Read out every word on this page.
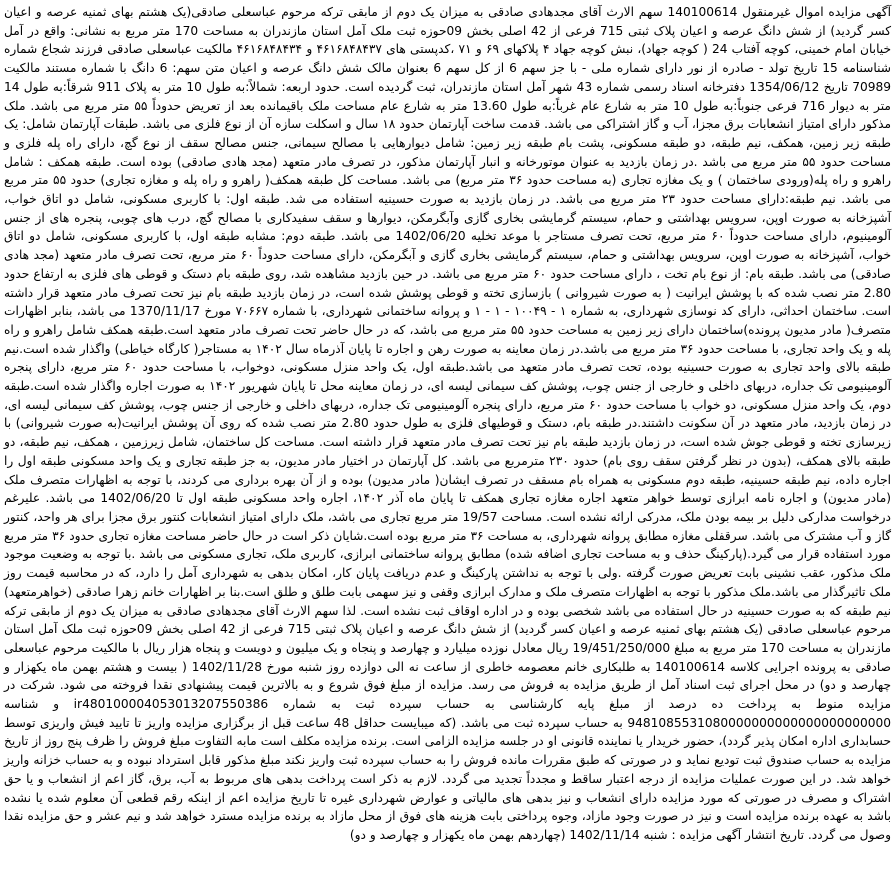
آگهی مزایده اموال غیرمنقول 140100614 سهم الارث آقای مجدهادی صادقی به میزان یک دوم از مابقی ترکه مرحوم عباسعلی صادقی(یک هشتم بهای ثمنیه عرصه و اعیان کسر گردید) از شش دانگ عرصه و اعیان پلاک ثبتی 715 فرعی از 42 اصلی بخش 09حوزه ثبت ملک آمل استان مازندران به مساحت 170 متر مربع به نشانی: واقع در آمل خیابان امام خمینی، کوچه آفتاب 24 ( کوچه جهاد)، نبش کوچه جهاد ۴ پلاکهای ۶۹ و ۷۱ ،کدپستی های ۴۶۱۶۸۴۸۴۳۷ و ۴۶۱۶۸۴۸۴۳۴ مالکیت عباسعلی صادقی فرزند شجاع شماره شناسنامه 15 تاریخ تولد - صادره از نور دارای شماره ملی - با جز سهم 6 از کل سهم 6 بعنوان مالک شش دانگ عرصه و اعیان متن سهم: 6 دانگ با شماره مستند مالکیت 70989 تاریخ 1354/06/12 دفترخانه اسناد رسمی شماره 43 شهر آمل استان مازندران، ثبت گردیده است. حدود اربعه: شمالاً:به طول 10 متر به پلاک 911 شرقاً:به طول 14 متر به دیوار 716 فرعی جنوباً:به طول 10 متر به شارع عام غرباً:به طول 13.60 متر به شارع عام مساحت ملک باقیمانده بعد از تعریض حدوداً ۵۵ متر مربع می باشد. ملک مذکور دارای امتیاز انشعابات برق مجزا، آب و گاز اشتراکی می باشد. قدمت ساخت آپارتمان حدود ۱۸ سال و اسکلت سازه آن از نوع فلزی می باشد. طبقات آپارتمان شامل: یک طبقه زیر زمین، همکف، نیم طبقه، دو طبقه مسکونی، پشت بام طبقه زیر زمین: شامل دیوارهایی با مصالح سیمانی، جنس مصالح سقف از نوع گچ، دارای راه پله فلزی و مساحت حدود ۵۵ متر مربع می باشد .در زمان بازدید به عنوان موتورخانه و انبار آپارتمان مذکور، در تصرف مادر متعهد (مجد هادی صادقی) بوده است. طبقه همکف : شامل راهرو و راه پله(ورودی ساختمان ) و یک مغازه تجاری (به مساحت حدود ۳۶ متر مربع) می باشد. مساحت کل طبقه همکف( راهرو و راه پله و مغازه تجاری) حدود ۵۵ متر مربع می باشد. نیم طبقه:دارای مساحت حدود ۲۳ متر مربع می باشد. در زمان بازدید به صورت حسینیه استفاده می شد. طبقه اول: با کاربری مسکونی، شامل دو اتاق خواب، آشپزخانه به صورت اوپن، سرویس بهداشتی و حمام، سیستم گرمایشی بخاری گازی وآبگرمکن، دیوارها و سقف سفیدکاری با مصالح گچ، درب های چوبی، پنجره های از جنس آلومینیوم، دارای مساحت حدوداً ۶۰ متر مربع، تحت تصرف مستاجر با موعد تخلیه 1402/06/20 می باشد. طبقه دوم: مشابه طبقه اول، با کاربری مسکونی، شامل دو اتاق خواب، آشپزخانه به صورت اوپن، سرویس بهداشتی و حمام، سیستم گرمایشی بخاری گازی و آبگرمکن، دارای مساحت حدوداً ۶۰ متر مربع، تحت تصرف مادر متعهد (مجد هادی صادقی) می باشد. طبقه بام: از نوع بام تخت ، دارای مساحت حدود ۶۰ متر مربع می باشد. در حین بازدید مشاهده شد، روی طبقه بام دستک و قوطی های فلزی به ارتفاع حدود 2.80 متر نصب شده که با پوشش ایرانیت ( به صورت شیروانی ) بازسازی تخته و قوطی پوشش شده است، در زمان بازدید طبقه بام نیز تحت تصرف مادر متعهد قرار داشته است. ساختمان احداثی، دارای کد نوسازی شهرداری، به شماره ۱ - ۱۰۰۴۹ - ۱ - ۱ و پروانه ساختمانی شهرداری، با شماره ۷۰۶۶۷ مورخ 1370/11/17 می باشد، بنابر اظهارات متصرف( مادر مدیون پرونده)ساختمان دارای زیر زمین به مساحت حدود ۵۵ متر مربع می باشد، که در حال حاضر تحت تصرف مادر متعهد است.طبقه همکف شامل راهرو و راه پله و یک واحد تجاری، با مساحت حدود ۳۶ متر مربع می باشد.در زمان معاینه به صورت رهن و اجاره تا پایان آذرماه سال ۱۴۰۲ به مستاجر( کارگاه خیاطی) واگذار شده است.نیم طبقه بالای واحد تجاری به صورت حسینیه بوده، تحت تصرف مادر متعهد می باشد.طبقه اول، یک واحد منزل مسکونی، دوخواب، با مساحت حدود ۶۰ متر مربع، دارای پنجره آلومینیومی تک جداره، دربهای داخلی و خارجی از جنس چوب، پوشش کف سیمانی لیسه ای، در زمان معاینه محل تا پایان شهریور ۱۴۰۲ به صورت اجاره واگذار شده است.طبقه دوم، یک واحد منزل مسکونی، دو خواب با مساحت حدود ۶۰ متر مربع، دارای پنجره آلومینیومی تک جداره، دربهای داخلی و خارجی از جنس چوب، پوشش کف سیمانی لیسه ای، در زمان بازدید، مادر متعهد در آن سکونت داشتند.در طبقه بام، دستک و قوطیهای فلزی به طول حدود 2.80 متر نصب شده که روی آن پوشش ایرانیت(به صورت شیروانی) با زیرسازی تخته و قوطی جوش شده است، در زمان بازدید طبقه بام نیز تحت تصرف مادر متعهد قرار داشته است. مساحت کل ساختمان، شامل زیرزمین ، همکف، نیم طبقه، دو طبقه بالای همکف، (بدون در نظر گرفتن سقف روی بام) حدود ۲۳۰ مترمربع می باشد. کل آپارتمان در اختیار مادر مدیون، به جز طبقه تجاری و یک واحد مسکونی طبقه اول را اجاره داده، نیم طبقه حسینیه، طبقه دوم مسکونی به همراه بام مسقف در تصرف ایشان( مادر مدیون) بوده و از آن بهره برداری می کردند، با توجه به اظهارات متصرف ملک (مادر مدیون) و اجاره نامه ابرازی توسط خواهر متعهد اجاره مغازه تجاری همکف تا پایان ماه آذر ۱۴۰۲، اجاره واحد مسکونی طبقه اول تا 1402/06/20 می باشد. علیرغم درخواست مدارکی دلیل بر بیمه بودن ملک، مدرکی ارائه نشده است. مساحت 19/57 متر مربع تجاری می باشد، ملک دارای امتیاز انشعابات کنتور برق مجزا برای هر واحد، کنتور گاز و آب مشترک می باشد. سرقفلی مغازه مطابق پروانه شهرداری، به مساحت ۳۶ متر مربع بوده است.شایان ذکر است در حال حاضر مساحت مغازه تجاری حدود ۳۶ متر مربع مورد استفاده قرار می گیرد.(پارکینگ حذف و به مساحت تجاری اضافه شده) مطابق پروانه ساختمانی ابرازی، کاربری ملک، تجاری مسکونی می باشد .با توجه به وضعیت موجود ملک مذکور، عقب نشینی بابت تعریض صورت گرفته .ولی با توجه به نداشتن پارکینگ و عدم دریافت پایان کار، امکان بدهی به شهرداری آمل را دارد، که در محاسبه قیمت روز ملک تاثیرگذار می باشد.ملک مذکور با توجه به اظهارات متصرف ملک و مدارک ابرازی وقفی و نیز سهمی بابت طلق و طلق است.بنا بر اظهارات خانم زهرا صادقی (خواهرمتعهد) نیم طبقه که به صورت حسینیه در حال استفاده می باشد شخصی بوده و در اداره اوقاف ثبت نشده است. لذا سهم الارث آقای مجدهادی صادقی به میزان یک دوم از مابقی ترکه مرحوم عباسعلی صادقی (یک هشتم بهای ثمنیه عرصه و اعیان کسر گردید) از شش دانگ عرصه و اعیان پلاک ثبتی 715 فرعی از 42 اصلی بخش 09حوزه ثبت ملک آمل استان مازندران به مساحت 170 متر مربع به مبلغ 19/451/250/000 ریال معادل نوزده میلیارد و چهارصد و پنجاه و یک میلیون و دویست و پنجاه هزار ریال با مالکیت مرحوم عباسعلی صادقی به پرونده اجرایی کلاسه 140100614 به طلبکاری خانم معصومه خاطری از ساعت نه الی دوازده روز شنبه مورخ 1402/11/28 ( بیست و هشتم بهمن ماه یکهزار و چهارصد و دو) در محل اجرای ثبت اسناد آمل از طریق مزایده به فروش می رسد. مزایده از مبلغ فوق شروع و به بالاترین قیمت پیشنهادی نقدا فروخته می شود. شرکت در مزایده منوط به پرداخت ده درصد از مبلغ پایه کارشناسی به حساب سپرده ثبت به شماره ir480100004053013207550386 و شناسه 9481085531080000000000000000000000 به حساب سپرده ثبت می باشد. (که میبایست حداقل 48 ساعت قبل از برگزاری مزایده واریز تا تایید فیش واریزی توسط حسابداری اداره امکان پذیر گردد)، حضور خریدار یا نماینده قانونی او در جلسه مزایده الزامی است. برنده مزایده مکلف است مابه التفاوت مبلغ فروش را ظرف پنج روز از تاریخ مزایده به حساب صندوق ثبت تودیع نماید و در صورتی که طبق مقررات مانده فروش را به حساب سپرده ثبت واریز نکند مبلغ مذکور قابل استرداد نبوده و به حساب خزانه واریز خواهد شد. در این صورت عملیات مزایده از درجه اعتبار ساقط و مجدداً تجدید می گردد. لازم به ذکر است پرداخت بدهی های مربوط به آب، برق، گاز اعم از انشعاب و یا حق اشتراک و مصرف در صورتی که مورد مزایده دارای انشعاب و نیز بدهی های مالیاتی و عوارض شهرداری غیره تا تاریخ مزایده اعم از اینکه رقم قطعی آن معلوم شده یا نشده باشد به عهده برنده مزایده است و نیز در صورت وجود مازاد، وجوه پرداختی بابت هزینه های فوق از محل مازاد به برنده مزایده مسترد خواهد شد و نیم عشر و حق مزایده نقدا وصول می گردد. تاریخ انتشار آگهی مزایده : شنبه 1402/11/14 (چهاردهم بهمن ماه یکهزار و چهارصد و دو)
